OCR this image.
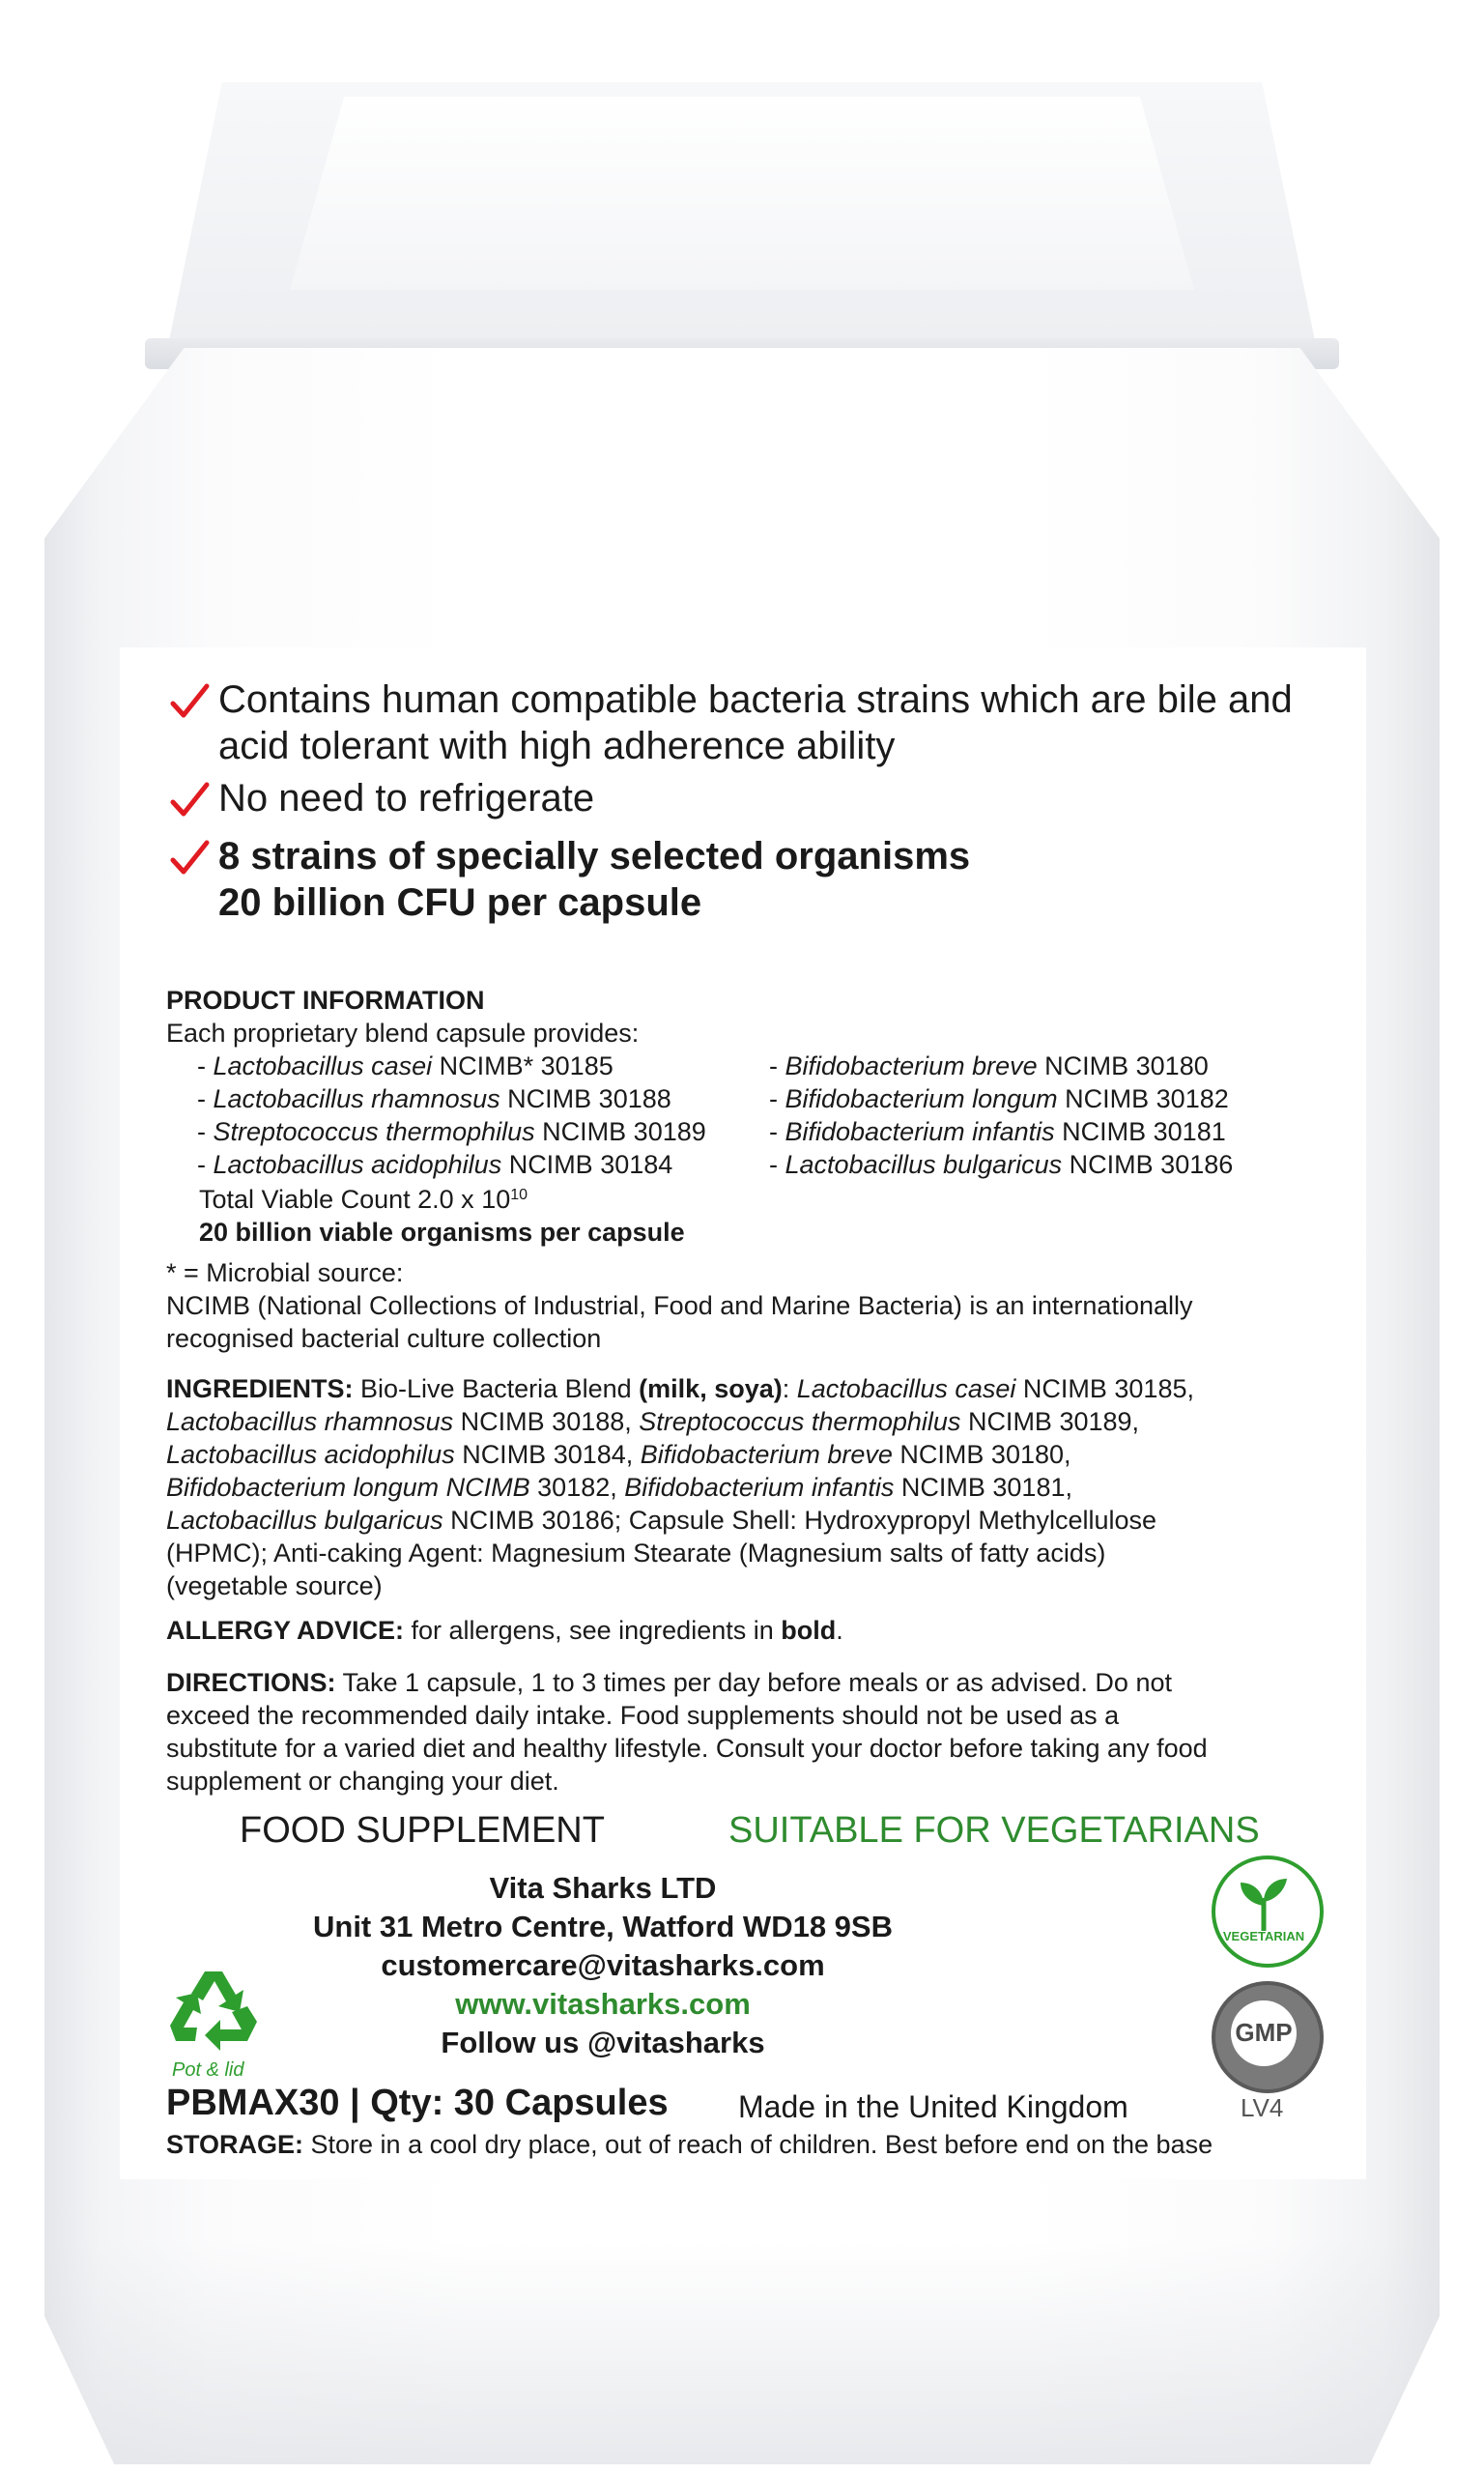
Contains human compatible bacteria strains which are bile and
acid tolerant with high adherence ability
No need to refrigerate
8 strains of specially selected organisms
20 billion CFU per capsule
PRODUCT INFORMATION
Each proprietary blend capsule provides:
- Lactobacillus casei NCIMB* 30185
- Lactobacillus rhamnosus NCIMB 30188
- Streptococcus thermophilus NCIMB 30189
- Lactobacillus acidophilus NCIMB 30184
- Bifidobacterium breve NCIMB 30180
- Bifidobacterium longum NCIMB 30182
- Bifidobacterium infantis NCIMB 30181
- Lactobacillus bulgaricus NCIMB 30186
Total Viable Count 2.0 x $10^{10}$
20 billion viable organisms per capsule
* = Microbial source:
NCIMB (National Collections of Industrial, Food and Marine Bacteria) is an internationally
recognised bacterial culture collection
INGREDIENTS: Bio-Live Bacteria Blend (milk, soya): Lactobacillus casei NCIMB 30185,
Lactobacillus rhamnosus NCIMB 30188, Streptococcus thermophilus NCIMB 30189,
Lactobacillus acidophilus NCIMB 30184, Bifidobacterium breve NCIMB 30180,
Bifidobacterium longum NCIMB 30182, Bifidobacterium infantis NCIMB 30181,
Lactobacillus bulgaricus NCIMB 30186; Capsule Shell: Hydroxypropyl Methylcellulose
(HPMC); Anti-caking Agent: Magnesium Stearate (Magnesium salts of fatty acids)
(vegetable source)
ALLERGY ADVICE: for allergens, see ingredients in bold.
DIRECTIONS: Take 1 capsule, 1 to 3 times per day before meals or as advised. Do not
exceed the recommended daily intake. Food supplements should not be used as a
substitute for a varied diet and healthy lifestyle. Consult your doctor before taking any food
supplement or changing your diet.
FOOD SUPPLEMENT	SUITABLE FOR VEGETARIANS
Vita Sharks LTD
Unit 31 Metro Centre, Watford WD18 9SB
customercare@vitasharks.com
www.vitasharks.com
Follow us @vitasharks
Pot & lid
VEGETARIAN
GMP
PBMAX30 | Qty: 30 Capsules Made in the United Kingdom	LV4
STORAGE: Store in a cool dry place, out of reach of children. Best before end on the base
